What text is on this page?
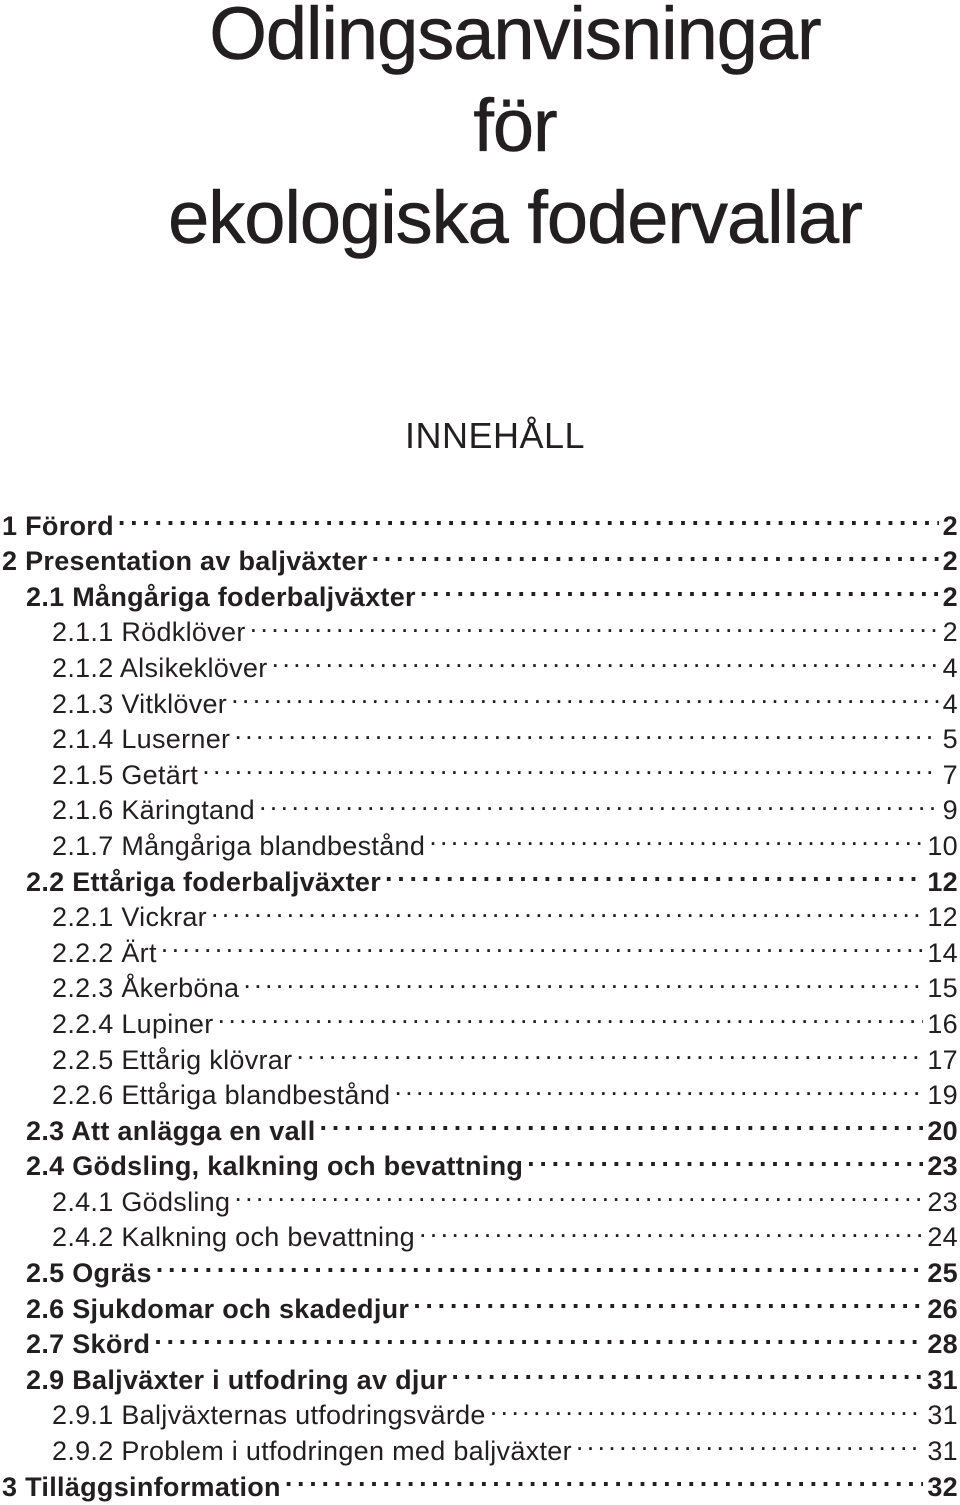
Odlingsanvisningar
för
ekologiska fodervallar
INNEHÅLL
1 Förord . . .	2
2 Presentation av baljväxter . . .	2
2.1 Mångåriga foderbaljväxter . . .	2
2.1.1 Rödklöver . . .	2
2.1.2 Alsikeklöver . . .	4
2.1.3 Vitklöver . . .	4
2.1.4 Luserner . . .	5
2.1.5 Getärt . . .	7
2.1.6 Käringtand . . .	9
2.1.7 Mångåriga blandbestånd . . .	10
2.2 Ettåriga foderbaljväxter . . .	12
2.2.1 Vickrar . . .	12
2.2.2 Ärt . . .	14
2.2.3 Åkerböna . . .	15
2.2.4 Lupiner . . .	16
2.2.5 Ettårig klövrar . . .	17
2.2.6 Ettåriga blandbestånd . . .	19
2.3 Att anlägga en vall . . .	20
2.4 Gödsling, kalkning och bevattning . . .	23
2.4.1 Gödsling . . .	23
2.4.2 Kalkning och bevattning . . .	24
2.5 Ogräs . . .	25
2.6 Sjukdomar och skadedjur . . .	26
2.7 Skörd . . .	28
2.9 Baljväxter i utfodring av djur . . .	31
2.9.1 Baljväxternas utfodringsvärde . . .	31
2.9.2 Problem i utfodringen med baljväxter . . .	31
3 Tilläggsinformation . . .	32
